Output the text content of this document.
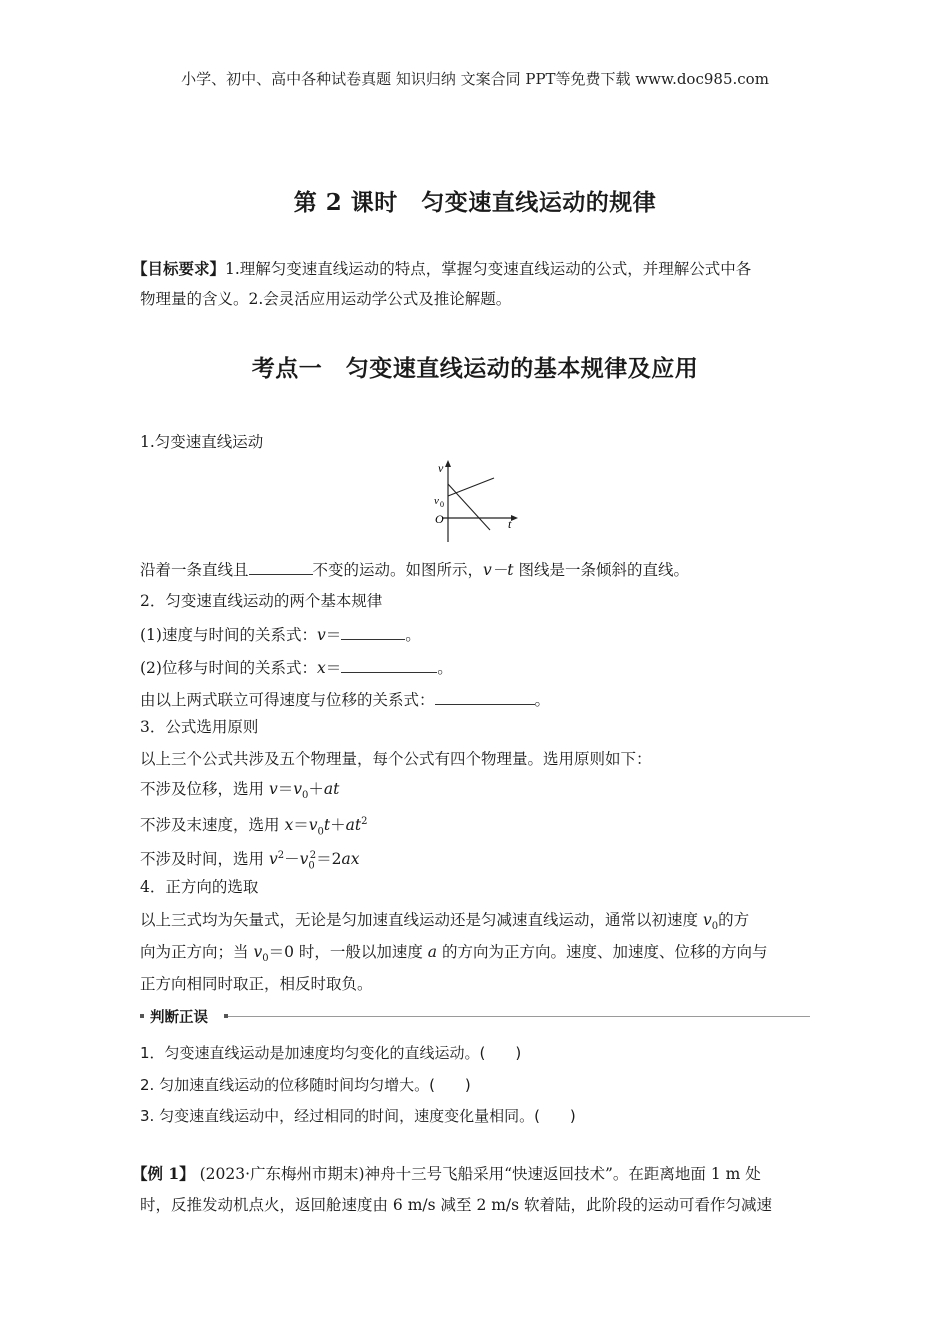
小学、初中、高中各种试卷真题 知识归纳 文案合同 PPT等免费下载 www.doc985.com
第 2 课时　匀变速直线运动的规律
【目标要求】1.理解匀变速直线运动的特点，掌握匀变速直线运动的公式，并理解公式中各
物理量的含义。2.会灵活应用运动学公式及推论解题。
考点一　匀变速直线运动的基本规律及应用
1.匀变速直线运动
v
v 0
O	t
沿着一条直线且	不变的运动。如图所示，v－t 图线是一条倾斜的直线。
2．匀变速直线运动的两个基本规律
(1)速度与时间的关系式：v＝	。
(2)位移与时间的关系式：x＝	。
由以上两式联立可得速度与位移的关系式：	。
3．公式选用原则
以上三个公式共涉及五个物理量，每个公式有四个物理量。选用原则如下：
不涉及位移，选用 $v=v_0+at$
不涉及末速度，选用 $x=v_0t+at^2$
不涉及时间，选用 $v^2-v_0^2=2ax$
4．正方向的选取
以上三式均为矢量式，无论是匀加速直线运动还是匀减速直线运动，通常以初速度 $v_0$的方
向为正方向；当 $v_0=0$ 时，一般以加速度 a 的方向为正方向。速度、加速度、位移的方向与
正方向相同时取正，相反时取负。
判断正误
1．匀变速直线运动是加速度均匀变化的直线运动。(　　)
2. 匀加速直线运动的位移随时间均匀增大。(　　)
3. 匀变速直线运动中，经过相同的时间，速度变化量相同。(　　)
【例 1】 (2023·广东梅州市期末)神舟十三号飞船采用“快速返回技术”。在距离地面 1 m 处
时，反推发动机点火，返回舱速度由 6 m/s 减至 2 m/s 软着陆，此阶段的运动可看作匀减速
